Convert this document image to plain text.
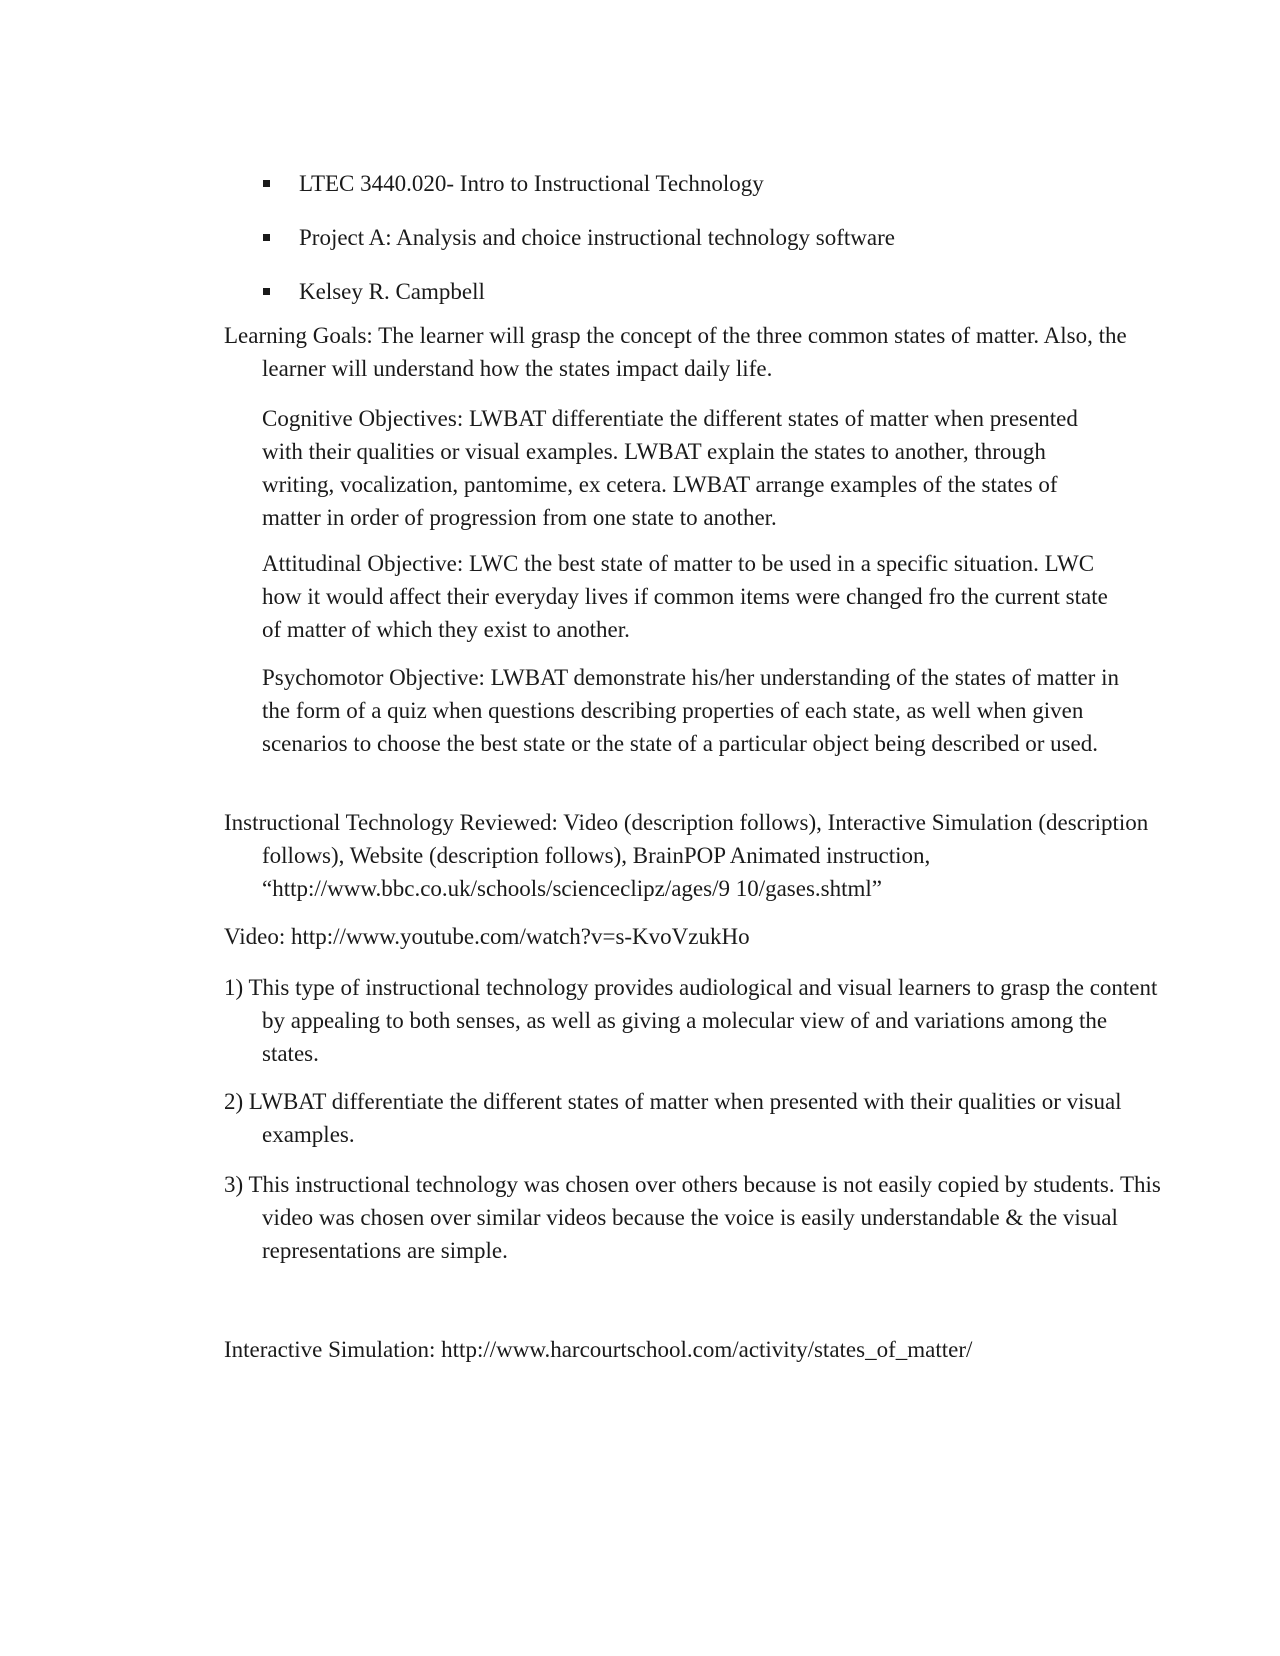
LTEC 3440.020- Intro to Instructional Technology
Project A: Analysis and choice instructional technology software
Kelsey R. Campbell

Learning Goals: The learner will grasp the concept of the three common states of matter. Also, the learner will understand how the states impact daily life.

Cognitive Objectives: LWBAT differentiate the different states of matter when presented with their qualities or visual examples. LWBAT explain the states to another, through writing, vocalization, pantomime, ex cetera. LWBAT arrange examples of the states of matter in order of progression from one state to another.

Attitudinal Objective: LWC the best state of matter to be used in a specific situation. LWC how it would affect their everyday lives if common items were changed fro the current state of matter of which they exist to another.

Psychomotor Objective: LWBAT demonstrate his/her understanding of the states of matter in the form of a quiz when questions describing properties of each state, as well when given scenarios to choose the best state or the state of a particular object being described or used.

Instructional Technology Reviewed: Video (description follows), Interactive Simulation (description follows), Website (description follows), BrainPOP Animated instruction, “http://www.bbc.co.uk/schools/scienceclipz/ages/9 10/gases.shtml”

Video: http://www.youtube.com/watch?v=s-KvoVzukHo

1) This type of instructional technology provides audiological and visual learners to grasp the content by appealing to both senses, as well as giving a molecular view of and variations among the states.

2) LWBAT differentiate the different states of matter when presented with their qualities or visual examples.

3) This instructional technology was chosen over others because is not easily copied by students. This video was chosen over similar videos because the voice is easily understandable & the visual representations are simple.

Interactive Simulation: http://www.harcourtschool.com/activity/states_of_matter/
